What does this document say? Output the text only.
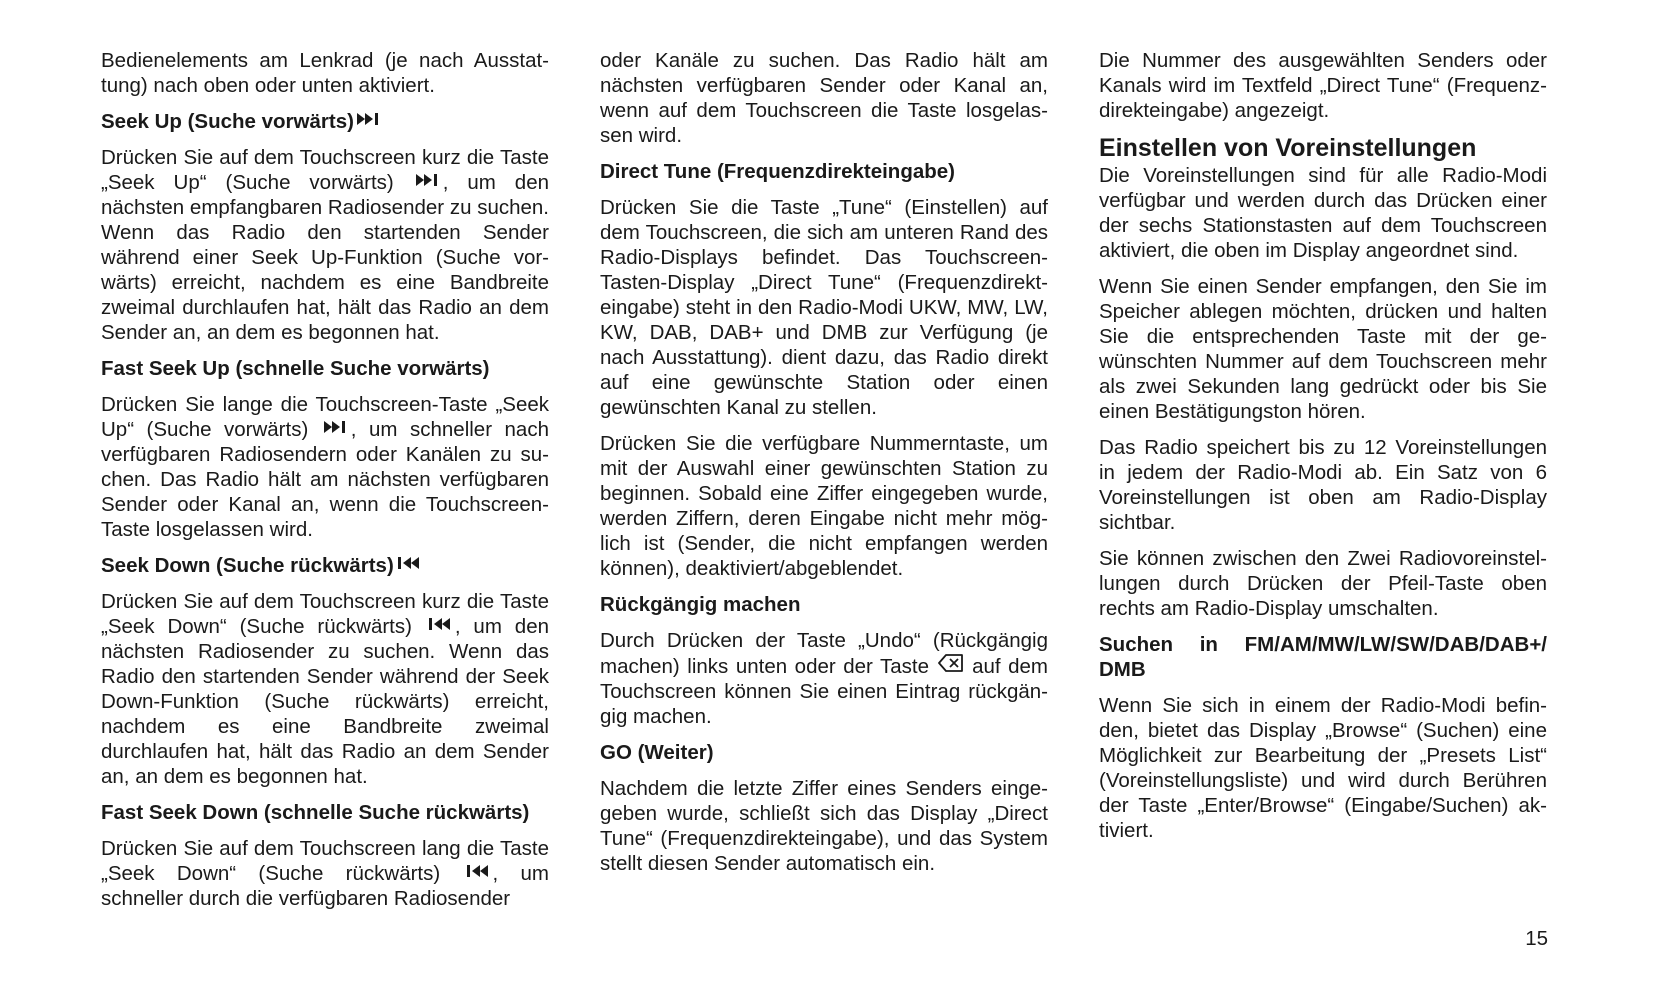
Bedienelements am Lenkrad (je nach Ausstattung) nach oben oder unten aktiviert.

Seek Up (Suche vorwärts)

Drücken Sie auf dem Touchscreen kurz die Taste „Seek Up“ (Suche vorwärts)
, um den nächsten empfangbaren Radiosender zu suchen. Wenn das Radio den startenden Sender während einer Seek Up-Funktion (Suche vorwärts) erreicht, nachdem es eine Bandbreite zweimal durchlaufen hat, hält das Radio an dem Sender an, an dem es begonnen hat.

Fast Seek Up (schnelle Suche vorwärts)

Drücken Sie lange die Touchscreen-Taste „Seek Up“ (Suche vorwärts)
, um schneller nach verfügbaren Radiosendern oder Kanälen zu suchen. Das Radio hält am nächsten verfügbaren Sender oder Kanal an, wenn die Touchscreen-Taste losgelassen wird.

Seek Down (Suche rückwärts)

Drücken Sie auf dem Touchscreen kurz die Taste „Seek Down“ (Suche rückwärts)
, um den nächsten Radiosender zu suchen. Wenn das Radio den startenden Sender während der Seek Down-Funktion (Suche rückwärts) erreicht, nachdem es eine Bandbreite zweimal durchlaufen hat, hält das Radio an dem Sender an, an dem es begonnen hat.

Fast Seek Down (schnelle Suche rückwärts)

Drücken Sie auf dem Touchscreen lang die Taste „Seek Down“ (Suche rückwärts)
, um schneller durch die verfügbaren Radiosender

oder Kanäle zu suchen. Das Radio hält am nächsten verfügbaren Sender oder Kanal an, wenn auf dem Touchscreen die Taste losgelassen wird.

Direct Tune (Frequenzdirekteingabe)

Drücken Sie die Taste „Tune“ (Einstellen) auf dem Touchscreen, die sich am unteren Rand des Radio-Displays befindet. Das Touchscreen-Tasten-Display „Direct Tune“ (Frequenzdirekteingabe) steht in den Radio-Modi UKW, MW, LW, KW, DAB, DAB+ und DMB zur Verfügung (je nach Ausstattung). dient dazu, das Radio direkt auf eine gewünschte Station oder einen gewünschten Kanal zu stellen.

Drücken Sie die verfügbare Nummerntaste, um mit der Auswahl einer gewünschten Station zu beginnen. Sobald eine Ziffer eingegeben wurde, werden Ziffern, deren Eingabe nicht mehr möglich ist (Sender, die nicht empfangen werden können), deaktiviert/abgeblendet.

Rückgängig machen

Durch Drücken der Taste „Undo“ (Rückgängig machen) links unten oder der Taste  auf dem Touchscreen können Sie einen Eintrag rückgängig machen.

GO (Weiter)

Nachdem die letzte Ziffer eines Senders eingegeben wurde, schließt sich das Display „Direct Tune“ (Frequenzdirekteingabe), und das System stellt diesen Sender automatisch ein.

Die Nummer des ausgewählten Senders oder Kanals wird im Textfeld „Direct Tune“ (Frequenzdirekteingabe) angezeigt.

Einstellen von Voreinstellungen

Die Voreinstellungen sind für alle Radio-Modi verfügbar und werden durch das Drücken einer der sechs Stationstasten auf dem Touchscreen aktiviert, die oben im Display angeordnet sind.

Wenn Sie einen Sender empfangen, den Sie im Speicher ablegen möchten, drücken und halten Sie die entsprechenden Taste mit der gewünschten Nummer auf dem Touchscreen mehr als zwei Sekunden lang gedrückt oder bis Sie einen Bestätigungston hören.

Das Radio speichert bis zu 12 Voreinstellungen in jedem der Radio-Modi ab. Ein Satz von 6 Voreinstellungen ist oben am Radio-Display sichtbar.

Sie können zwischen den Zwei Radiovoreinstellungen durch Drücken der Pfeil-Taste oben rechts am Radio-Display umschalten.

Suchen in FM/AM/MW/LW/SW/DAB/DAB+/ DMB

Wenn Sie sich in einem der Radio-Modi befinden, bietet das Display „Browse“ (Suchen) eine Möglichkeit zur Bearbeitung der „Presets List“ (Voreinstellungsliste) und wird durch Berühren der Taste „Enter/Browse“ (Eingabe/Suchen) aktiviert.

15
